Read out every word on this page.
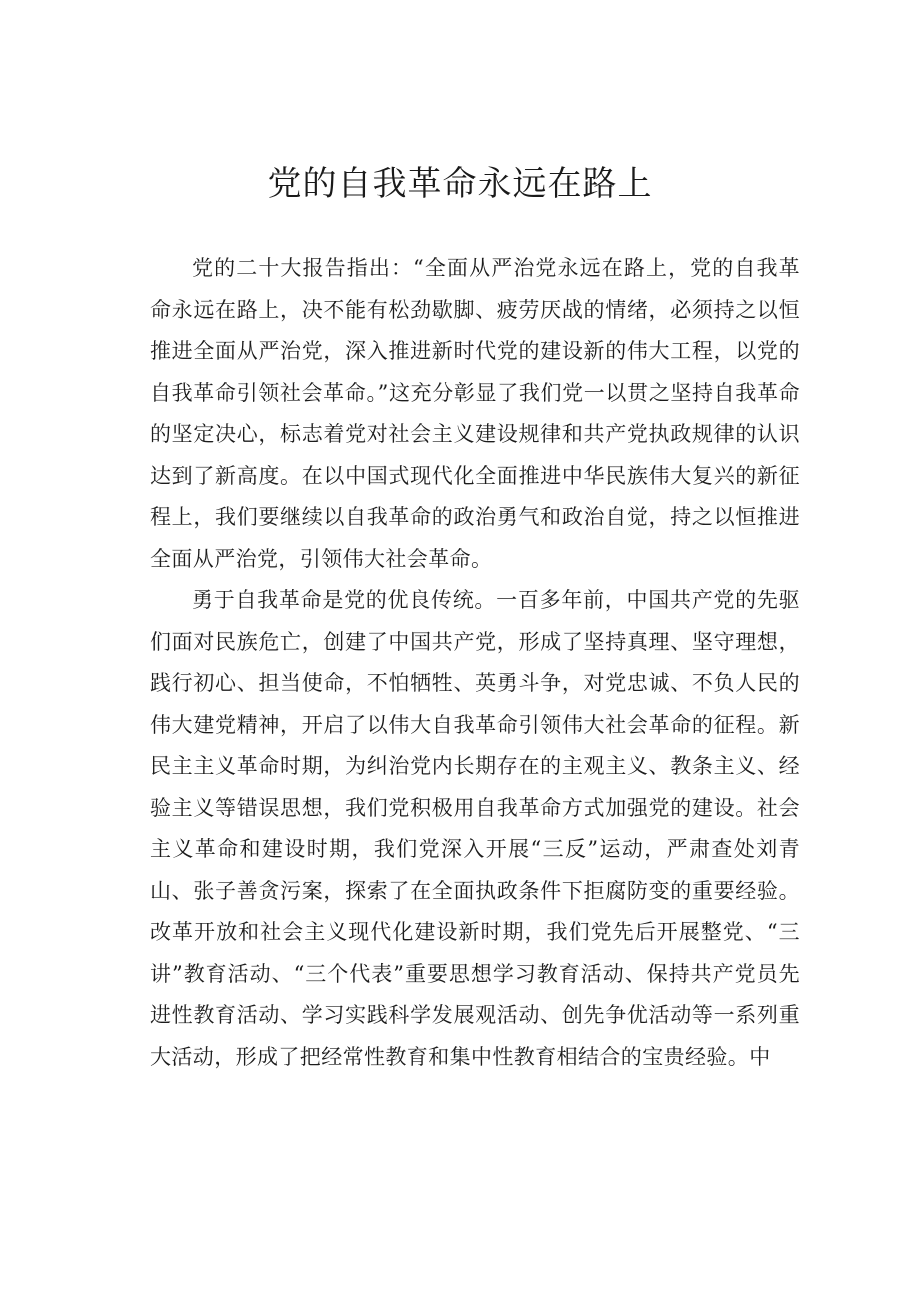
党的自我革命永远在路上

党的二十大报告指出：“全面从严治党永远在路上，党的自我革命永远在路上，决不能有松劲歇脚、疲劳厌战的情绪，必须持之以恒推进全面从严治党，深入推进新时代党的建设新的伟大工程，以党的自我革命引领社会革命。”这充分彰显了我们党一以贯之坚持自我革命的坚定决心，标志着党对社会主义建设规律和共产党执政规律的认识达到了新高度。在以中国式现代化全面推进中华民族伟大复兴的新征程上，我们要继续以自我革命的政治勇气和政治自觉，持之以恒推进全面从严治党，引领伟大社会革命。

勇于自我革命是党的优良传统。一百多年前，中国共产党的先驱们面对民族危亡，创建了中国共产党，形成了坚持真理、坚守理想，践行初心、担当使命，不怕牺牲、英勇斗争，对党忠诚、不负人民的伟大建党精神，开启了以伟大自我革命引领伟大社会革命的征程。新民主主义革命时期，为纠治党内长期存在的主观主义、教条主义、经验主义等错误思想，我们党积极用自我革命方式加强党的建设。社会主义革命和建设时期，我们党深入开展“三反”运动，严肃查处刘青山、张子善贪污案，探索了在全面执政条件下拒腐防变的重要经验。改革开放和社会主义现代化建设新时期，我们党先后开展整党、“三讲”教育活动、“三个代表”重要思想学习教育活动、保持共产党员先进性教育活动、学习实践科学发展观活动、创先争优活动等一系列重大活动，形成了把经常性教育和集中性教育相结合的宝贵经验。中
